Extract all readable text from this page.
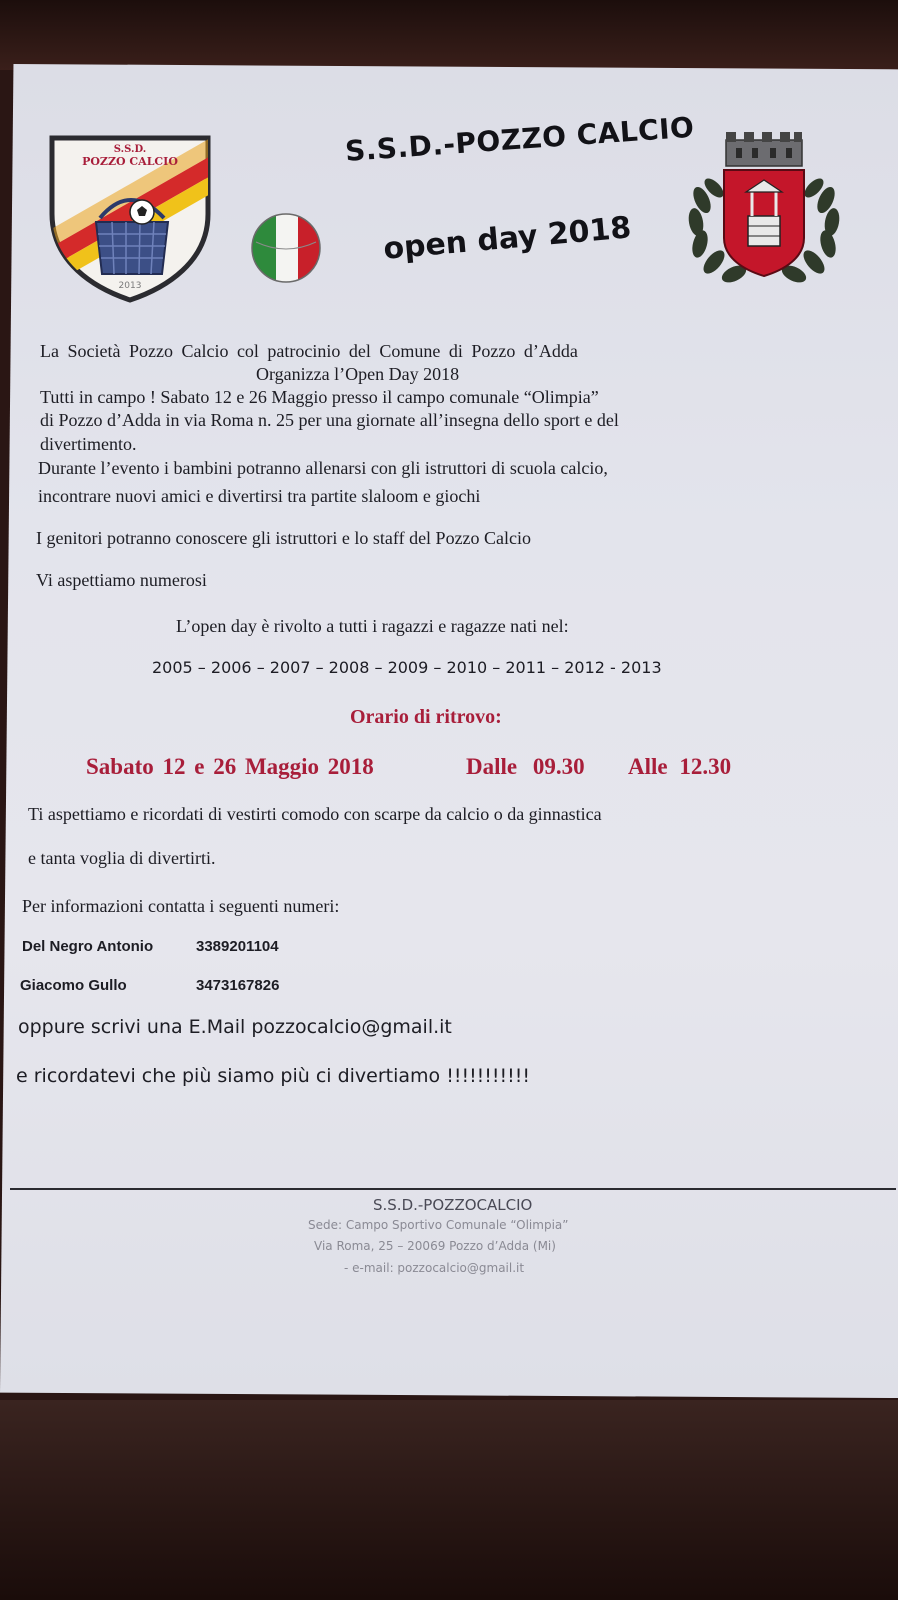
S.S.D.
POZZO CALCIO
2013
S.S.D.-POZZO CALCIO
open day 2018
La Società Pozzo Calcio col patrocinio del Comune di Pozzo d’Adda
Organizza l’Open Day 2018
Tutti in campo ! Sabato 12 e 26 Maggio presso il campo comunale “Olimpia”
di Pozzo d’Adda in via Roma n. 25 per una giornate all’insegna dello sport e del
divertimento.
Durante l’evento i bambini potranno allenarsi con gli istruttori di scuola calcio,
incontrare nuovi amici e divertirsi tra partite slaloom e giochi
I genitori potranno conoscere gli istruttori e lo staff del Pozzo Calcio
Vi aspettiamo numerosi
L’open day è rivolto a tutti i ragazzi e ragazze nati nel:
2005 – 2006 – 2007 – 2008 – 2009 – 2010 – 2011 – 2012 - 2013
Orario di ritrovo:
Sabato 12 e 26 Maggio 2018	Dalle 09.30 Alle 12.30
Ti aspettiamo e ricordati di vestirti comodo con scarpe da calcio o da ginnastica
e tanta voglia di divertirti.
Per informazioni contatta i seguenti numeri:
Del Negro Antonio	3389201104
Giacomo Gullo	3473167826
oppure scrivi una E.Mail pozzocalcio@gmail.it
e ricordatevi che più siamo più ci divertiamo !!!!!!!!!!!
S.S.D.-POZZOCALCIO
Sede: Campo Sportivo Comunale “Olimpia”
Via Roma, 25 – 20069 Pozzo d’Adda (Mi)
- e-mail: pozzocalcio@gmail.it
